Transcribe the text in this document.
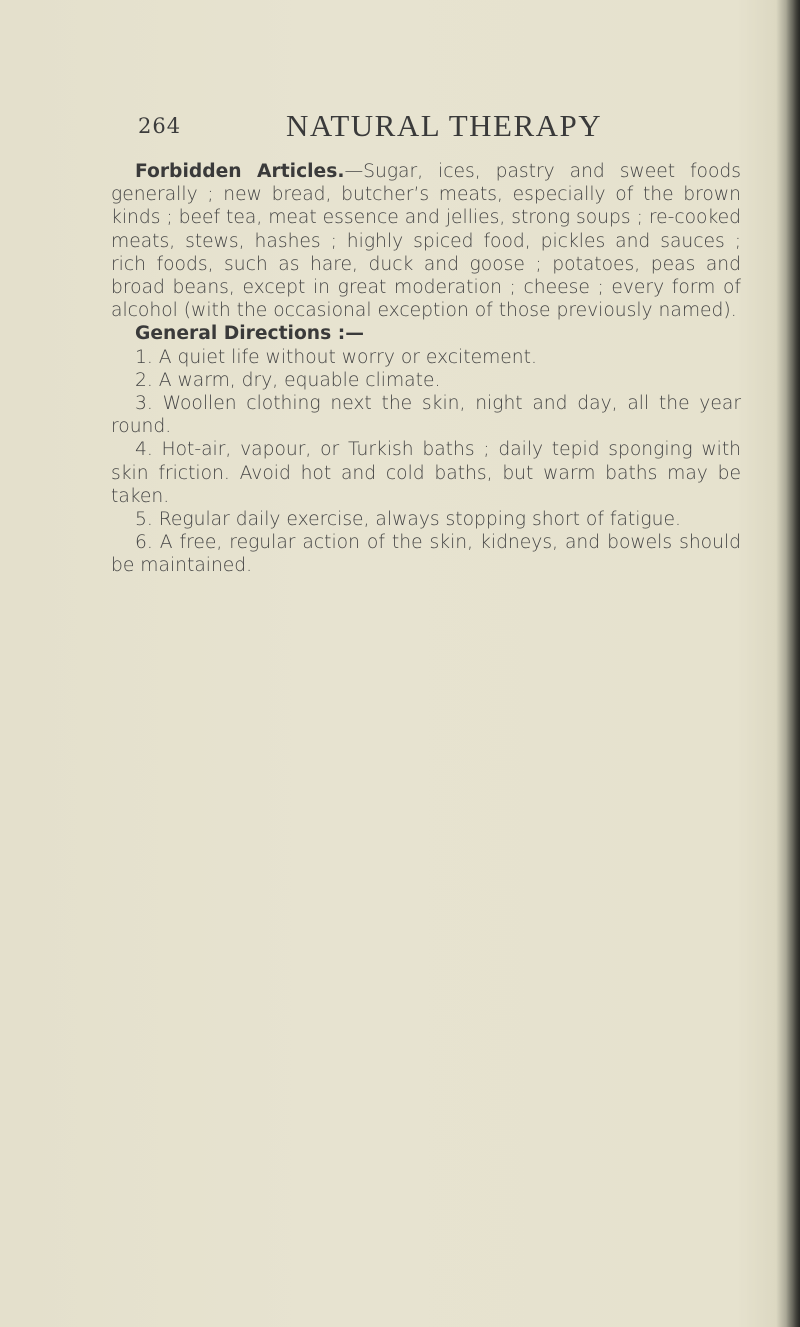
264	NATURAL THERAPY

Forbidden Articles.—Sugar, ices, pastry and sweet foods generally ; new bread, butcher’s meats, especially of the brown kinds ; beef tea, meat essence and jellies, strong soups ; re-cooked meats, stews, hashes ; highly spiced food, pickles and sauces ; rich foods, such as hare, duck and goose ; potatoes, peas and broad beans, except in great moderation ; cheese ; every form of alcohol (with the occasional exception of those previously named).

General Directions :—

1. A quiet life without worry or excitement.

2. A warm, dry, equable climate.

3. Woollen clothing next the skin, night and day, all the year round.

4. Hot-air, vapour, or Turkish baths ; daily tepid sponging with skin friction. Avoid hot and cold baths, but warm baths may be taken.

5. Regular daily exercise, always stopping short of fatigue.

6. A free, regular action of the skin, kidneys, and bowels should be maintained.
